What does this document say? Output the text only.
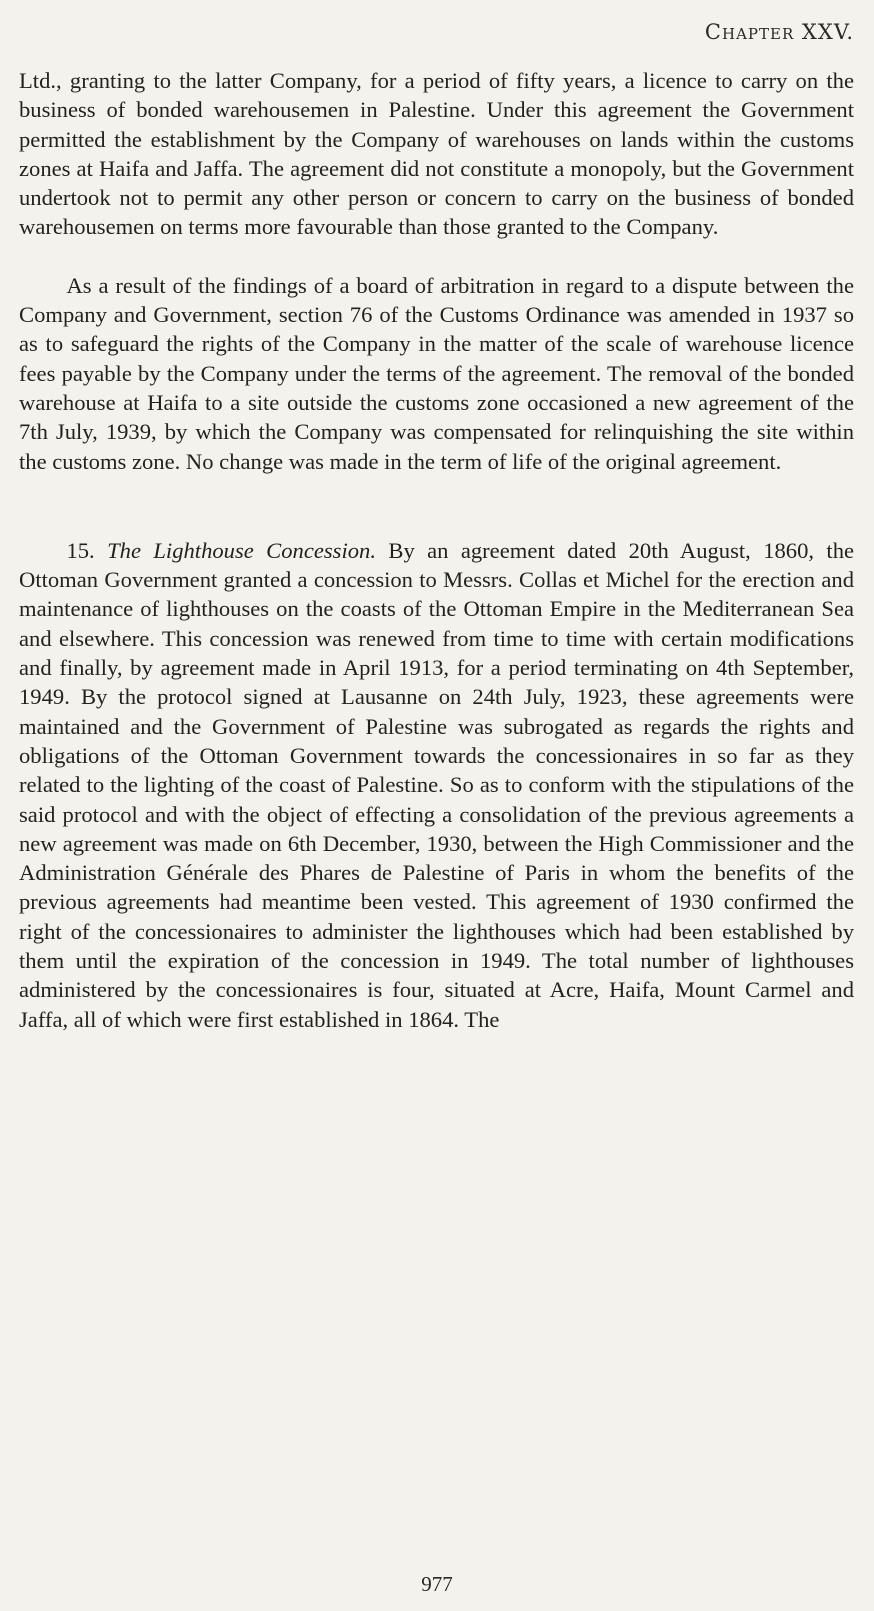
Chapter XXV.

Ltd., granting to the latter Company, for a period of fifty years, a licence to carry on the business of bonded warehousemen in Palestine. Under this agreement the Government permitted the establishment by the Company of warehouses on lands within the customs zones at Haifa and Jaffa. The agreement did not constitute a monopoly, but the Government undertook not to permit any other person or concern to carry on the business of bonded warehousemen on terms more favourable than those granted to the Company.

As a result of the findings of a board of arbitration in regard to a dispute between the Company and Government, section 76 of the Customs Ordinance was amended in 1937 so as to safeguard the rights of the Company in the matter of the scale of warehouse licence fees payable by the Company under the terms of the agreement. The removal of the bonded warehouse at Haifa to a site outside the customs zone occasioned a new agreement of the 7th July, 1939, by which the Company was compensated for relinquishing the site within the customs zone. No change was made in the term of life of the original agreement.

15. The Lighthouse Concession. By an agreement dated 20th August, 1860, the Ottoman Government granted a concession to Messrs. Collas et Michel for the erection and maintenance of lighthouses on the coasts of the Ottoman Empire in the Mediterranean Sea and elsewhere. This concession was renewed from time to time with certain modifications and finally, by agreement made in April 1913, for a period terminating on 4th September, 1949. By the protocol signed at Lausanne on 24th July, 1923, these agreements were maintained and the Government of Palestine was subrogated as regards the rights and obligations of the Ottoman Government towards the concessionaires in so far as they related to the lighting of the coast of Palestine. So as to conform with the stipulations of the said protocol and with the object of effecting a consolidation of the previous agreements a new agreement was made on 6th December, 1930, between the High Commissioner and the Administration Générale des Phares de Palestine of Paris in whom the benefits of the previous agreements had meantime been vested. This agreement of 1930 confirmed the right of the concessionaires to administer the lighthouses which had been established by them until the expiration of the concession in 1949. The total number of lighthouses administered by the concessionaires is four, situated at Acre, Haifa, Mount Carmel and Jaffa, all of which were first established in 1864. The

977
